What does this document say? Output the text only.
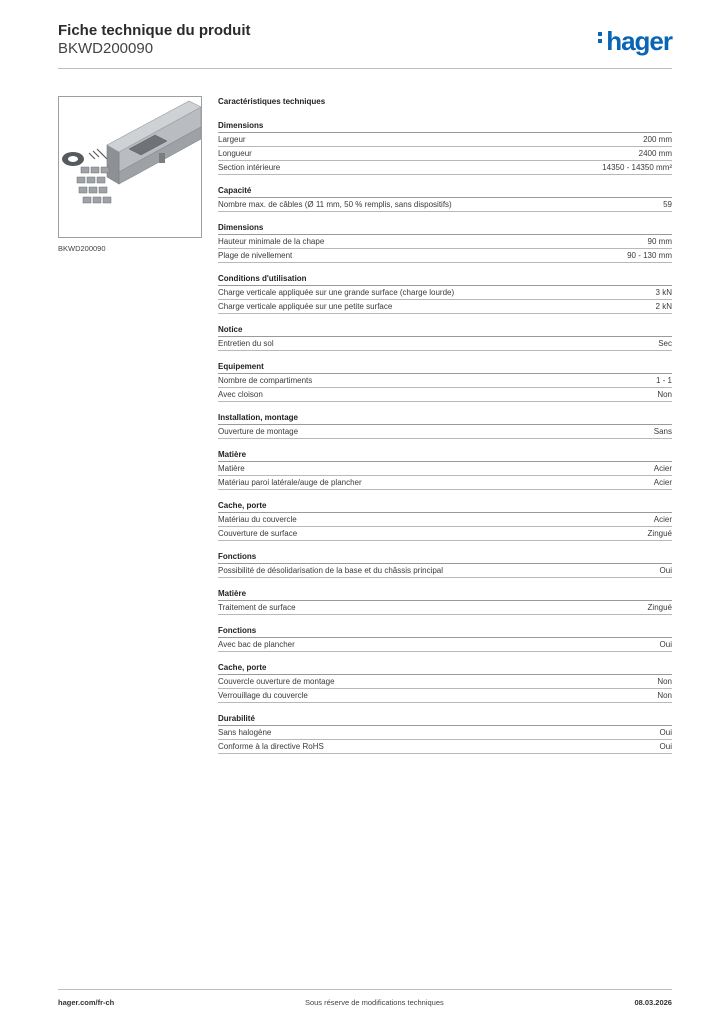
Fiche technique du produit
BKWD200090	hager
BKWD200090
Caractéristiques techniques
Dimensions
Largeur	200 mm
Longueur	2400 mm
Section intérieure	14350 - 14350 mm²
Capacité
Nombre max. de câbles (Ø 11 mm, 50 % remplis, sans dispositifs)	59
Dimensions
Hauteur minimale de la chape	90 mm
Plage de nivellement	90 - 130 mm
Conditions d'utilisation
Charge verticale appliquée sur une grande surface (charge lourde)	3 kN
Charge verticale appliquée sur une petite surface	2 kN
Notice
Entretien du sol	Sec
Equipement
Nombre de compartiments	1 - 1
Avec cloison	Non
Installation, montage
Ouverture de montage	Sans
Matière
Matière	Acier
Matériau paroi latérale/auge de plancher	Acier
Cache, porte
Matériau du couvercle	Acier
Couverture de surface	Zingué
Fonctions
Possibilité de désolidarisation de la base et du châssis principal	Oui
Matière
Traitement de surface	Zingué
Fonctions
Avec bac de plancher	Oui
Cache, porte
Couvercle ouverture de montage	Non
Verrouillage du couvercle	Non
Durabilité
Sans halogène	Oui
Conforme à la directive RoHS	Oui
hager.com/fr-ch	Sous réserve de modifications techniques	08.03.2026
